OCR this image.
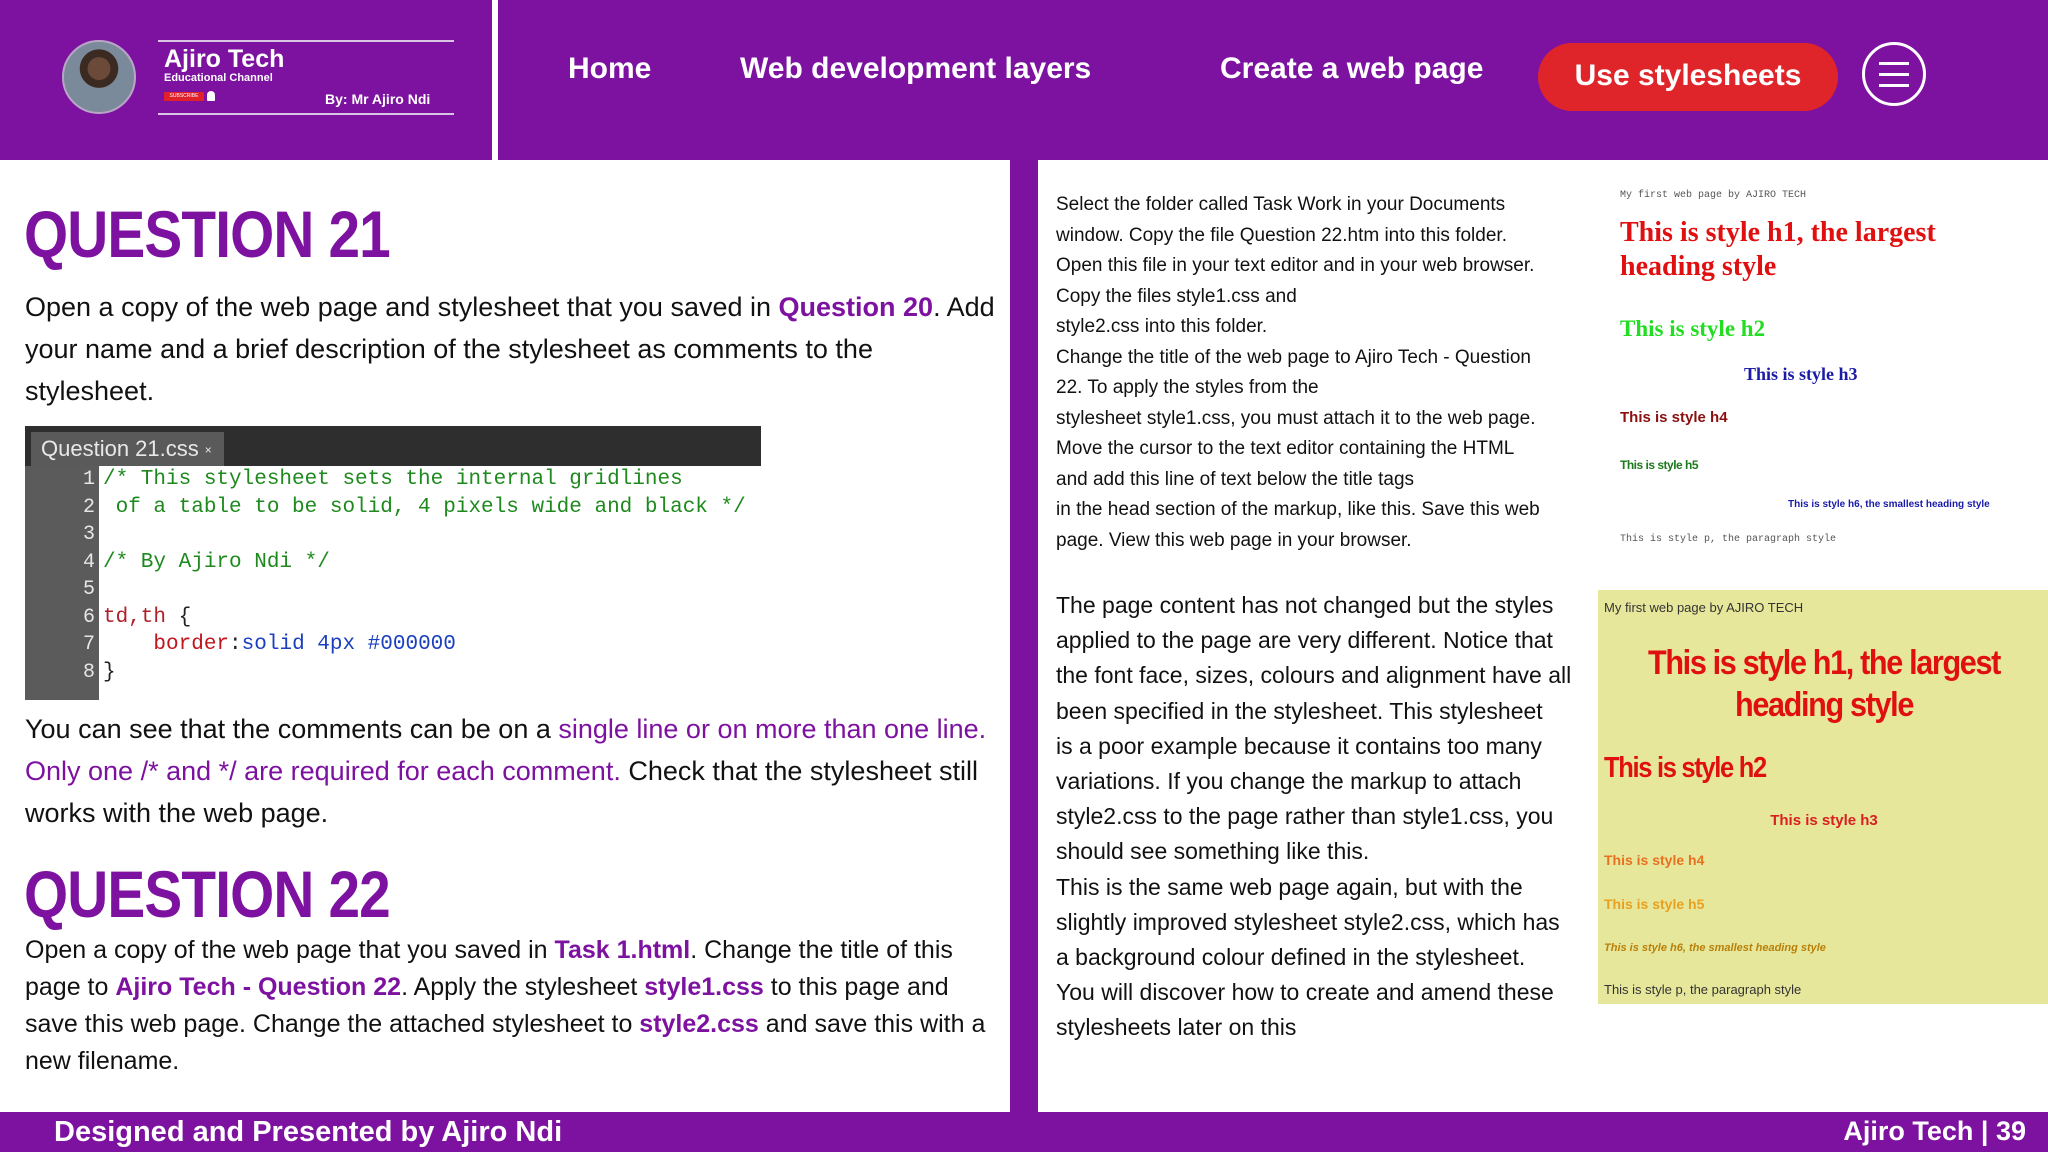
Ajiro Tech
Educational Channel
SUBSCRIBE	By: Mr Ajiro Ndi
Home	Web development layers	Create a web page	Use stylesheets
QUESTION 21
Open a copy of the web page and stylesheet that you saved in Question 20. Add your name and a brief description of the stylesheet as comments to the stylesheet.
Question 21.css ×
1
2
3
4
5
6
7
8
/* This stylesheet sets the internal gridlines
of a table to be solid, 4 pixels wide and black */
/* By Ajiro Ndi */
td,th {
border:solid 4px #000000
}
You can see that the comments can be on a single line or on more than one line. Only one /* and */ are required for each comment. Check that the stylesheet still works with the web page.
QUESTION 22
Open a copy of the web page that you saved in Task 1.html. Change the title of this page to Ajiro Tech - Question 22. Apply the stylesheet style1.css to this page and save this web page. Change the attached stylesheet to style2.css and save this with a new filename.
Select the folder called Task Work in your Documents
window. Copy the file Question 22.htm into this folder.
Open this file in your text editor and in your web browser.
Copy the files style1.css and
style2.css into this folder.
Change the title of the web page to Ajiro Tech - Question
22. To apply the styles from the
stylesheet style1.css, you must attach it to the web page.
Move the cursor to the text editor containing the HTML
and add this line of text below the title tags
in the head section of the markup, like this. Save this web
page. View this web page in your browser.
The page content has not changed but the styles
applied to the page are very different. Notice that
the font face, sizes, colours and alignment have all
been specified in the stylesheet. This stylesheet
is a poor example because it contains too many
variations. If you change the markup to attach
style2.css to the page rather than style1.css, you
should see something like this.
This is the same web page again, but with the
slightly improved stylesheet style2.css, which has
a background colour defined in the stylesheet.
You will discover how to create and amend these
stylesheets later on this
My first web page by AJIRO TECH
This is style h1, the largest heading style
This is style h2
This is style h3
This is style h4
This is style h5
This is style h6, the smallest heading style
This is style p, the paragraph style
My first web page by AJIRO TECH
This is style h1, the largest heading style
This is style h2
This is style h3
This is style h4
This is style h5
This is style h6, the smallest heading style
This is style p, the paragraph style
Designed and Presented by Ajiro Ndi	Ajiro Tech | 39
